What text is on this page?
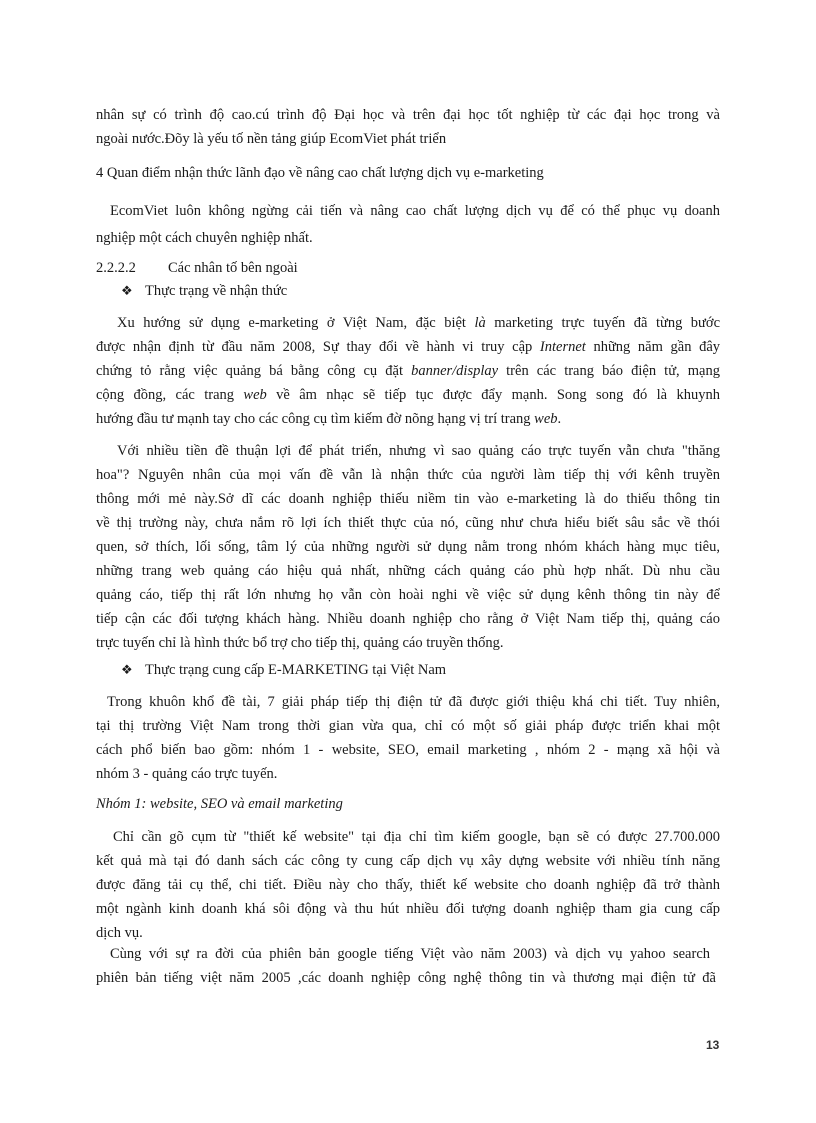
nhân sự có trình độ cao.cú trình độ Đại học và trên đại học tốt nghiệp từ các đại học trong và
ngoài nước.Đõy là yếu tố nền tảng giúp EcomViet phát triển
4 Quan điểm nhận thức lãnh đạo về nâng cao chất lượng dịch vụ e-marketing
EcomViet luôn không ngừng cải tiến và nâng cao chất lượng dịch vụ để có thể phục vụ doanh
nghiệp một cách chuyên nghiệp nhất.
2.2.2.2 Các nhân tố bên ngoài
❖ Thực trạng về nhận thức
Xu hướng sử dụng e-marketing ở Việt Nam, đặc biệt là marketing trực tuyến đã từng bước
được nhận định từ đầu năm 2008, Sự thay đổi về hành vi truy cập Internet những năm gần đây
chứng tỏ rằng việc quảng bá bằng công cụ đặt banner/display trên các trang báo điện tử, mạng
cộng đồng, các trang web về âm nhạc sẽ tiếp tục được đẩy mạnh. Song song đó là khuynh
hướng đầu tư mạnh tay cho các công cụ tìm kiếm đờ nõng hạng vị trí trang web.
Với nhiều tiền đề thuận lợi để phát triển, nhưng vì sao quảng cáo trực tuyến vẫn chưa "thăng
hoa"? Nguyên nhân của mọi vấn đề vẫn là nhận thức của người làm tiếp thị với kênh truyền
thông mới mẻ này.Sở dĩ các doanh nghiệp thiếu niềm tin vào e-marketing là do thiếu thông tin
về thị trường này, chưa nắm rõ lợi ích thiết thực của nó, cũng như chưa hiểu biết sâu sắc về thói
quen, sở thích, lối sống, tâm lý của những người sử dụng nằm trong nhóm khách hàng mục tiêu,
những trang web quảng cáo hiệu quả nhất, những cách quảng cáo phù hợp nhất. Dù nhu cầu
quảng cáo, tiếp thị rất lớn nhưng họ vẫn còn hoài nghi về việc sử dụng kênh thông tin này để
tiếp cận các đối tượng khách hàng. Nhiều doanh nghiệp cho rằng ở Việt Nam tiếp thị, quảng cáo
trực tuyến chỉ là hình thức bổ trợ cho tiếp thị, quảng cáo truyền thống.
❖ Thực trạng cung cấp E-MARKETING tại Việt Nam
Trong khuôn khổ đề tài, 7 giải pháp tiếp thị điện tử đã được giới thiệu khá chi tiết. Tuy nhiên,
tại thị trường Việt Nam trong thời gian vừa qua, chỉ có một số giải pháp được triển khai một
cách phổ biến bao gồm: nhóm 1 - website, SEO, email marketing , nhóm 2 - mạng xã hội và
nhóm 3 - quảng cáo trực tuyến.
Nhóm 1: website, SEO và email marketing
Chỉ cần gõ cụm từ "thiết kế website" tại địa chỉ tìm kiếm google, bạn sẽ có được 27.700.000
kết quả mà tại đó danh sách các công ty cung cấp dịch vụ xây dựng website với nhiều tính năng
được đăng tải cụ thể, chi tiết. Điều này cho thấy, thiết kế website cho doanh nghiệp đã trở thành
một ngành kinh doanh khá sôi động và thu hút nhiều đối tượng doanh nghiệp tham gia cung cấp
dịch vụ.
Cùng với sự ra đời của phiên bản google tiếng Việt vào năm 2003) và dịch vụ yahoo search
phiên bản tiếng việt năm 2005 ,các doanh nghiệp công nghệ thông tin và thương mại điện tử đã
13
